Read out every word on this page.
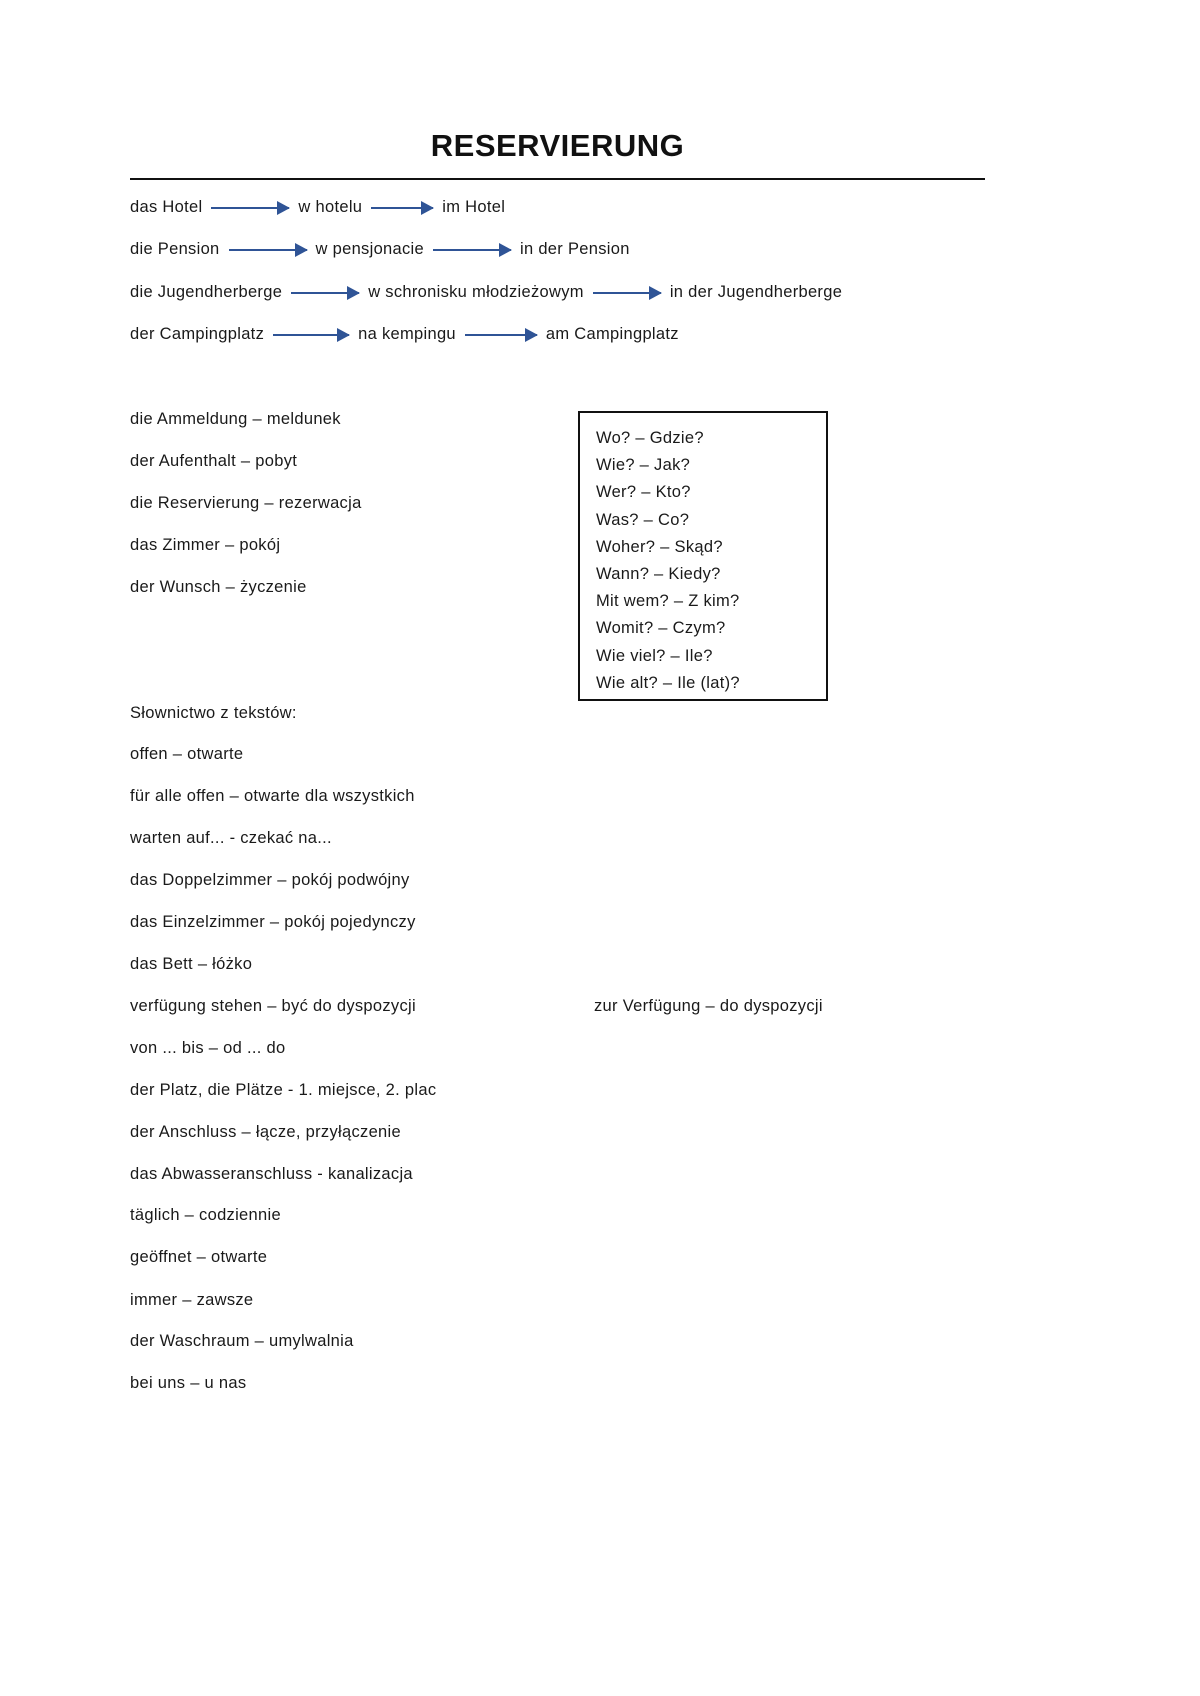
RESERVIERUNG
das Hotel	w hotelu	im Hotel
die Pension	w pensjonacie	in der Pension
die Jugendherberge	w schronisku młodzieżowym	in der Jugendherberge
der Campingplatz	na kempingu	am Campingplatz
die Ammeldung – meldunek
der Aufenthalt – pobyt
die Reservierung – rezerwacja
das Zimmer – pokój
der Wunsch – życzenie
Wo? – Gdzie?
Wie? – Jak?
Wer? – Kto?
Was? – Co?
Woher? – Skąd?
Wann? – Kiedy?
Mit wem? – Z kim?
Womit? – Czym?
Wie viel? – Ile?
Wie alt? – Ile (lat)?
Słownictwo z tekstów:
offen – otwarte
für alle offen – otwarte dla wszystkich
warten auf... - czekać na...
das Doppelzimmer – pokój podwójny
das Einzelzimmer – pokój pojedynczy
das Bett – łóżko
verfügung stehen – być do dyspozycji
von ... bis – od ... do
der Platz, die Plätze - 1. miejsce, 2. plac
der Anschluss – łącze, przyłączenie
das Abwasseranschluss - kanalizacja
täglich – codziennie
geöffnet – otwarte
immer – zawsze
der Waschraum – umylwalnia
bei uns – u nas
zur Verfügung – do dyspozycji
